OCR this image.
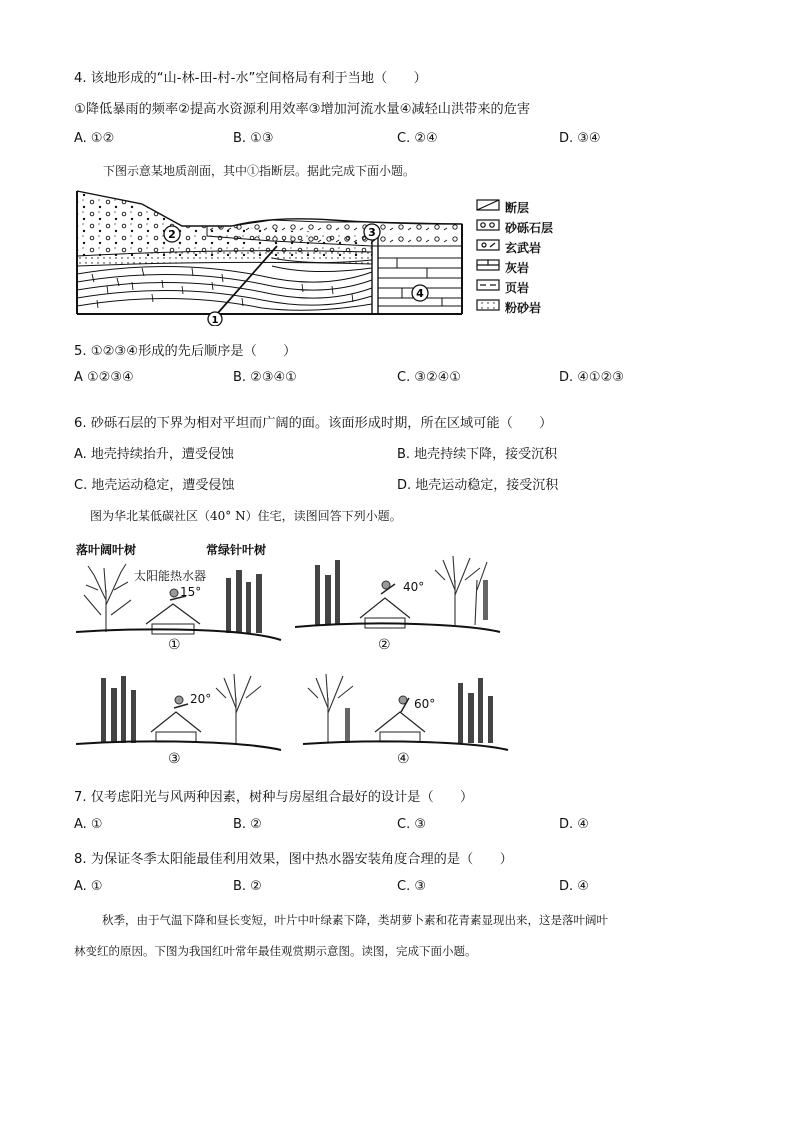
4. 该地形成的“山-林-田-村-水”空间格局有利于当地（　　）
①降低暴雨的频率②提高水资源利用效率③增加河流水量④减轻山洪带来的危害
A. ①②	B. ①③	C. ②④	D. ③④
下图示意某地质剖面，其中①指断层。据此完成下面小题。
2	3
4
1
断层
砂砾石层
玄武岩
灰岩
页岩
粉砂岩
5. ①②③④形成的先后顺序是（　　）
A ①②③④	B. ②③④①	C. ③②④①	D. ④①②③
6. 砂砾石层的下界为相对平坦而广阔的面。该面形成时期，所在区域可能（　　）
A. 地壳持续抬升，遭受侵蚀	B. 地壳持续下降，接受沉积
C. 地壳运动稳定，遭受侵蚀	D. 地壳运动稳定，接受沉积
图为华北某低碳社区（40° N）住宅，读图回答下列小题。
落叶阔叶树	常绿针叶树
太阳能热水器
15°
①
40°
②
20°
③
60°
④
7. 仅考虑阳光与风两种因素，树种与房屋组合最好的设计是（　　）
A. ①	B. ②	C. ③	D. ④
8. 为保证冬季太阳能最佳利用效果，图中热水器安装角度合理的是（　　）
A. ①	B. ②	C. ③	D. ④
秋季，由于气温下降和昼长变短，叶片中叶绿素下降，类胡萝卜素和花青素显现出来，这是落叶阔叶
林变红的原因。下图为我国红叶常年最佳观赏期示意图。读图，完成下面小题。
